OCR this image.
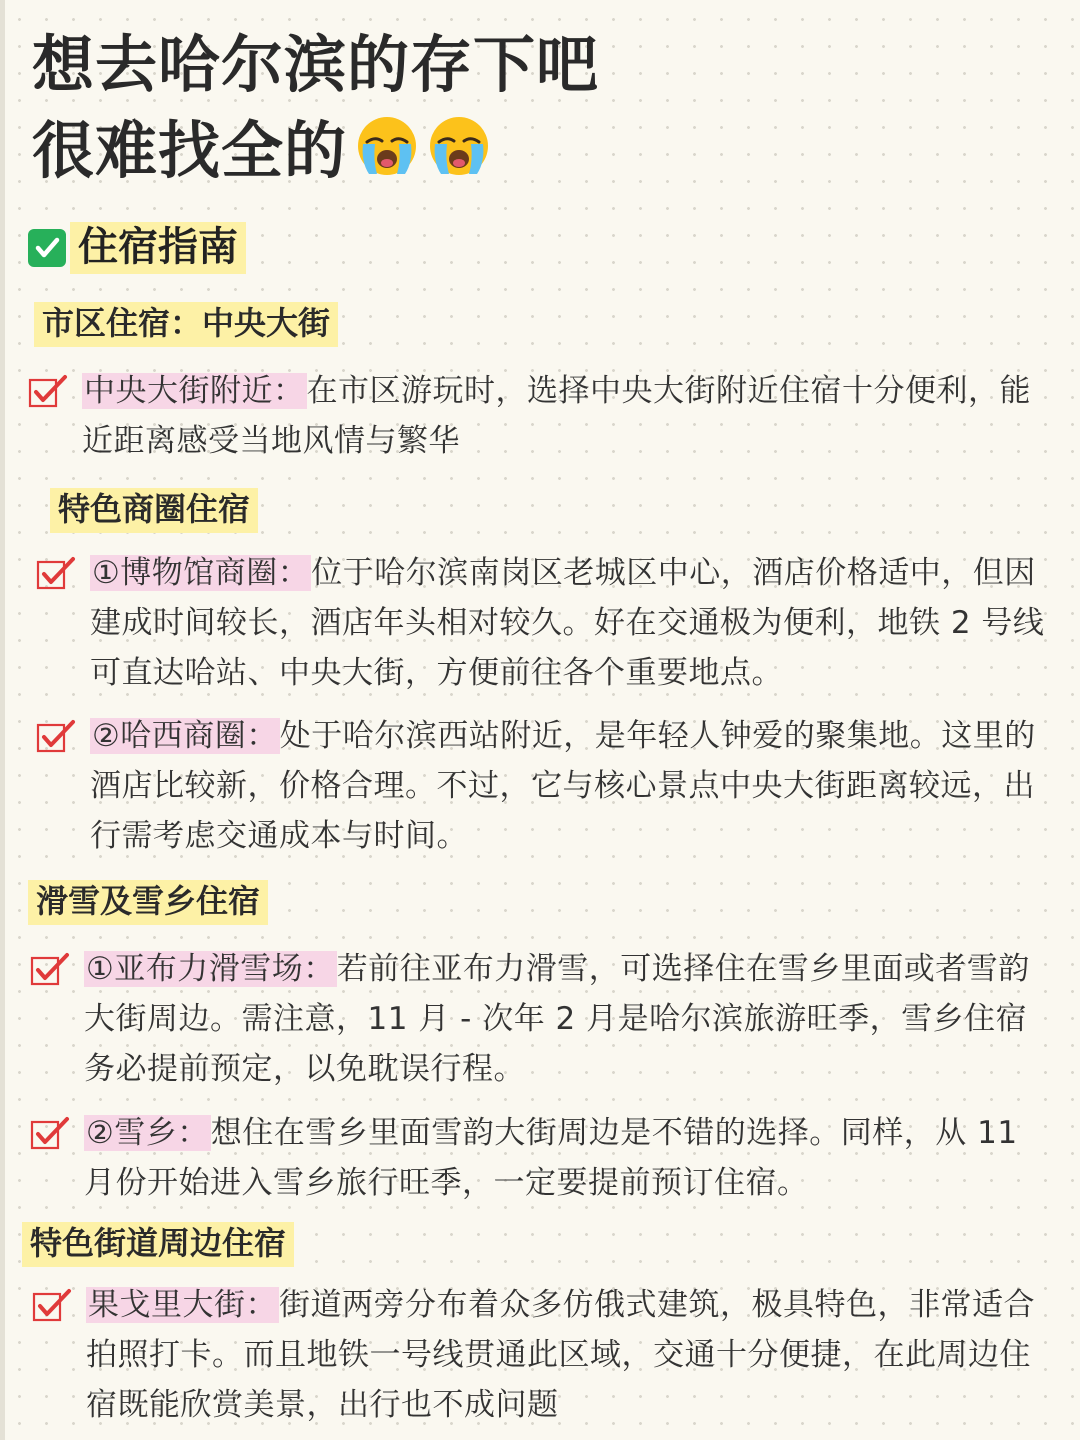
想去哈尔滨的存下吧
很难找全的
住宿指南
市区住宿：中央大街
中央大街附近：在市区游玩时，选择中央大街附近住宿十分便利，能近距离感受当地风情与繁华
特色商圈住宿
①博物馆商圈：位于哈尔滨南岗区老城区中心，酒店价格适中，但因建成时间较长，酒店年头相对较久。好在交通极为便利，地铁 2 号线可直达哈站、中央大街，方便前往各个重要地点。
②哈西商圈：处于哈尔滨西站附近，是年轻人钟爱的聚集地。这里的酒店比较新，价格合理。不过，它与核心景点中央大街距离较远，出行需考虑交通成本与时间。
滑雪及雪乡住宿
①亚布力滑雪场：若前往亚布力滑雪，可选择住在雪乡里面或者雪韵大街周边。需注意，11 月 - 次年 2 月是哈尔滨旅游旺季，雪乡住宿务必提前预定，以免耽误行程。
②雪乡：想住在雪乡里面雪韵大街周边是不错的选择。同样，从 11 月份开始进入雪乡旅行旺季，一定要提前预订住宿。
特色街道周边住宿
果戈里大街：街道两旁分布着众多仿俄式建筑，极具特色，非常适合拍照打卡。而且地铁一号线贯通此区域，交通十分便捷，在此周边住宿既能欣赏美景，出行也不成问题
